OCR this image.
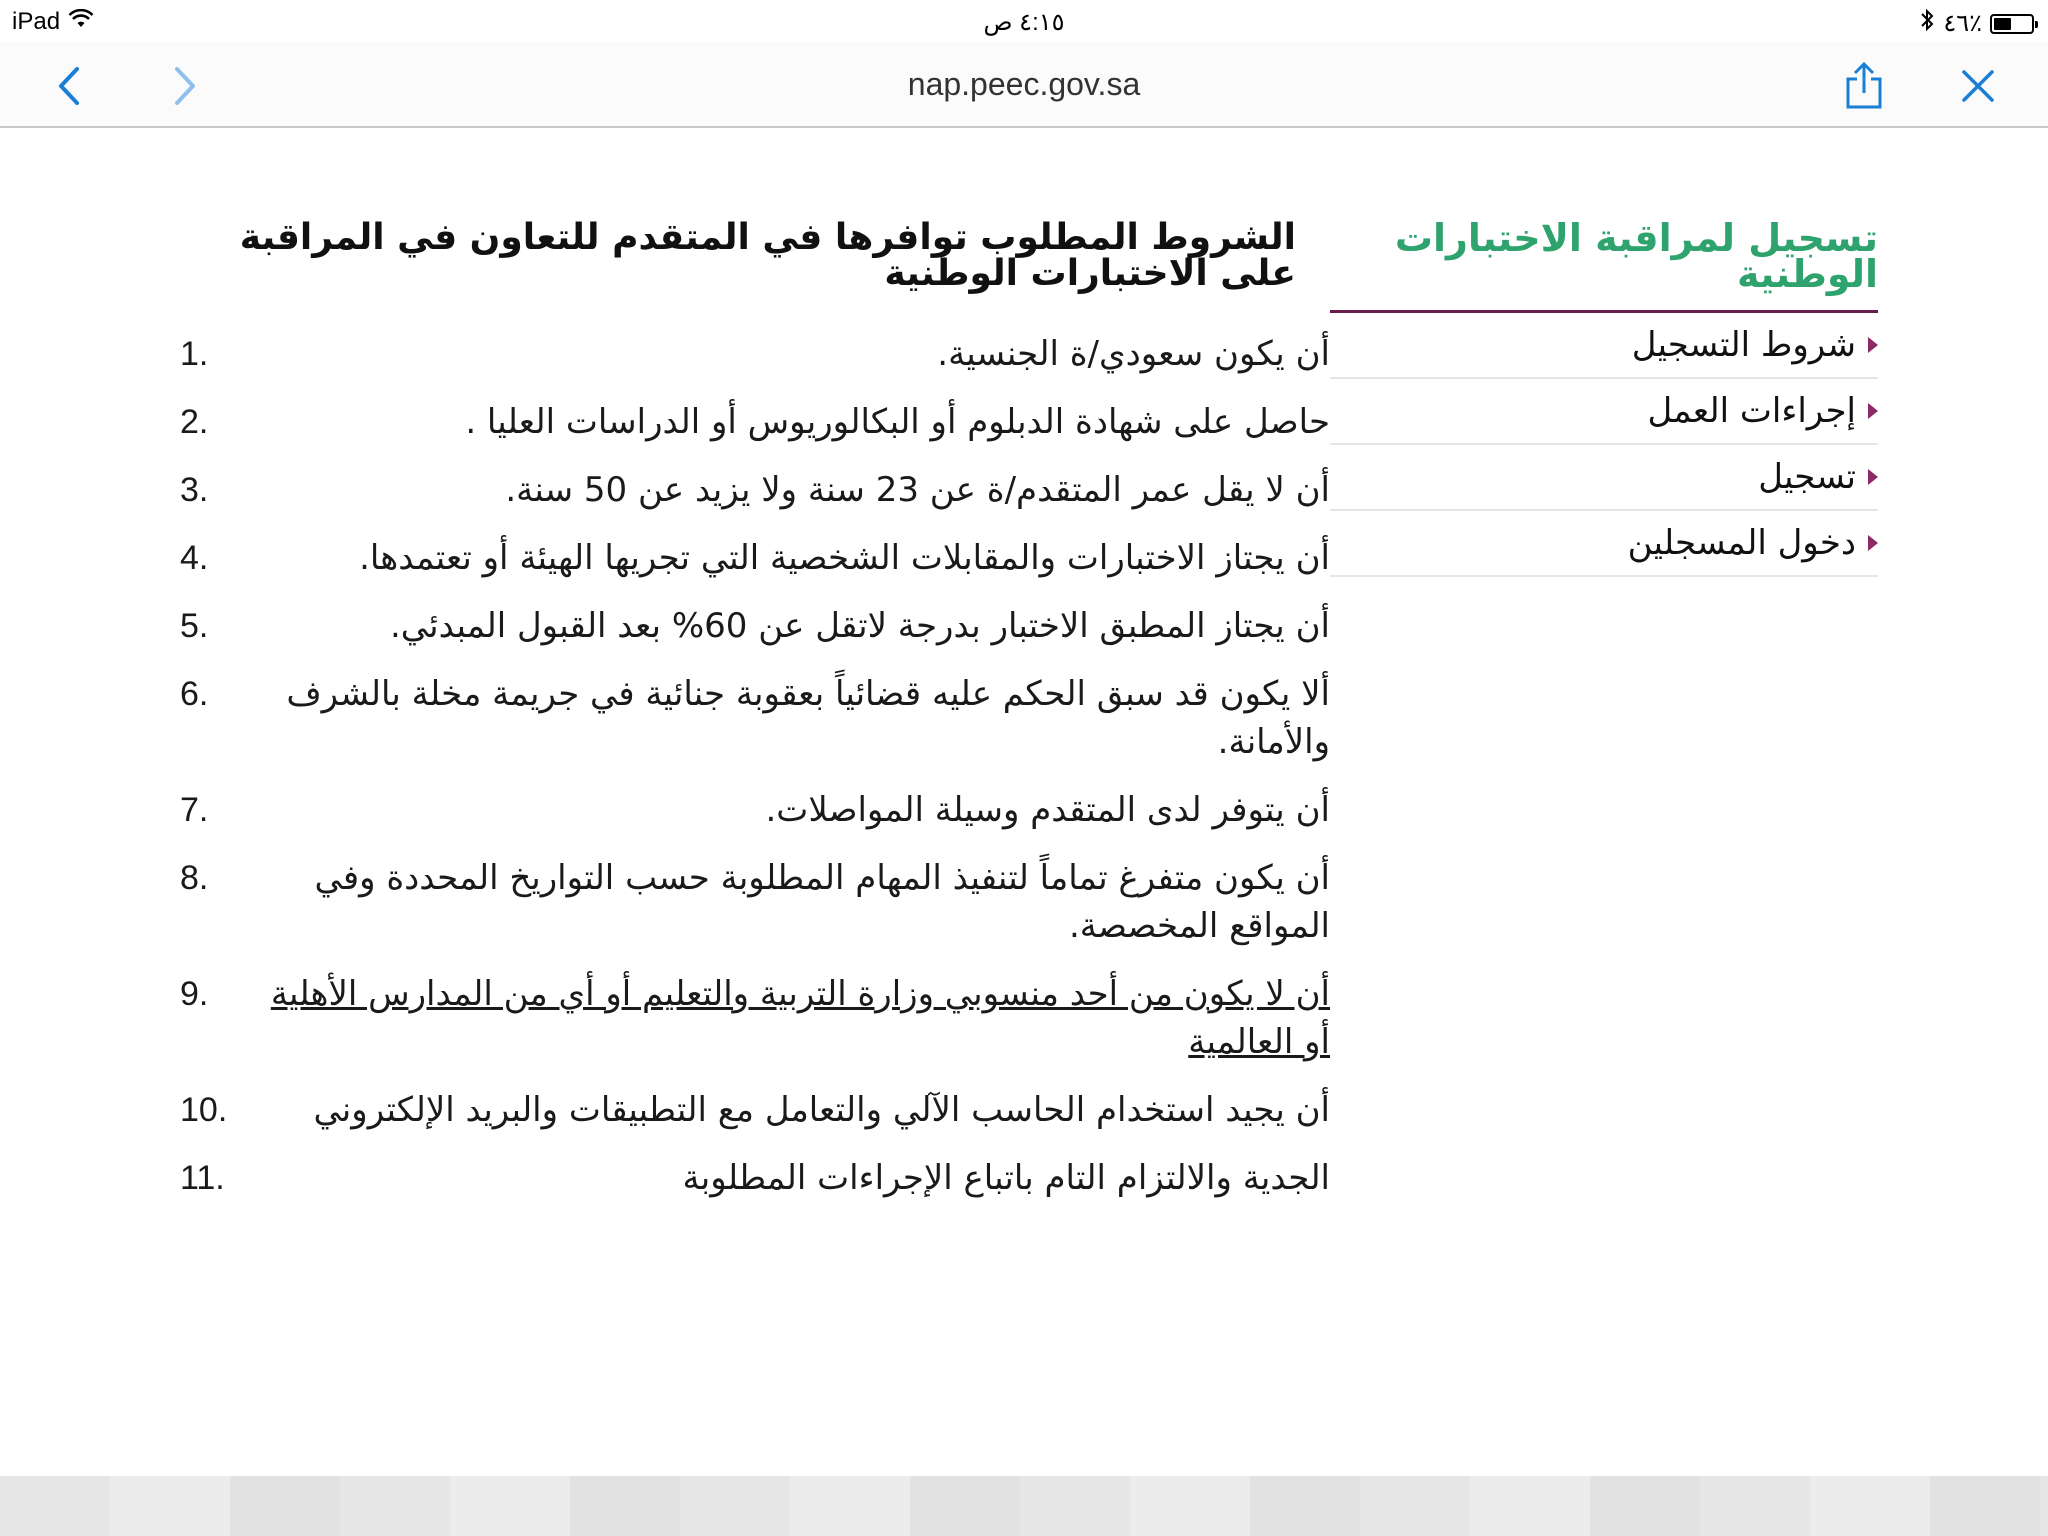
iPad	٤:١٥ ص	٤٦٪
nap.peec.gov.sa
تسجيل لمراقبة الاختبارات الوطنية
شروط التسجيل
إجراءات العمل
تسجيل
دخول المسجلين
الشروط المطلوب توافرها في المتقدم للتعاون في المراقبة على الاختبارات الوطنية
أن يكون سعودي/ة الجنسية.
1.
حاصل على شهادة الدبلوم أو البكالوريوس أو الدراسات العليا .
2.
أن لا يقل عمر المتقدم/ة عن 23 سنة ولا يزيد عن 50 سنة.
3.
أن يجتاز الاختبارات والمقابلات الشخصية التي تجريها الهيئة أو تعتمدها.
4.
أن يجتاز المطبق الاختبار بدرجة لاتقل عن 60% بعد القبول المبدئي.
5.
ألا يكون قد سبق الحكم عليه قضائياً بعقوبة جنائية في جريمة مخلة بالشرف والأمانة.
6.
أن يتوفر لدى المتقدم وسيلة المواصلات.
7.
أن يكون متفرغ تماماً لتنفيذ المهام المطلوبة حسب التواريخ المحددة وفي المواقع المخصصة.
8.
أن لا يكون من أحد منسوبي وزارة التربية والتعليم أو أي من المدارس الأهلية أو العالمية
9.
أن يجيد استخدام الحاسب الآلي والتعامل مع التطبيقات والبريد الإلكتروني
10.
الجدية والالتزام التام باتباع الإجراءات المطلوبة
11.
